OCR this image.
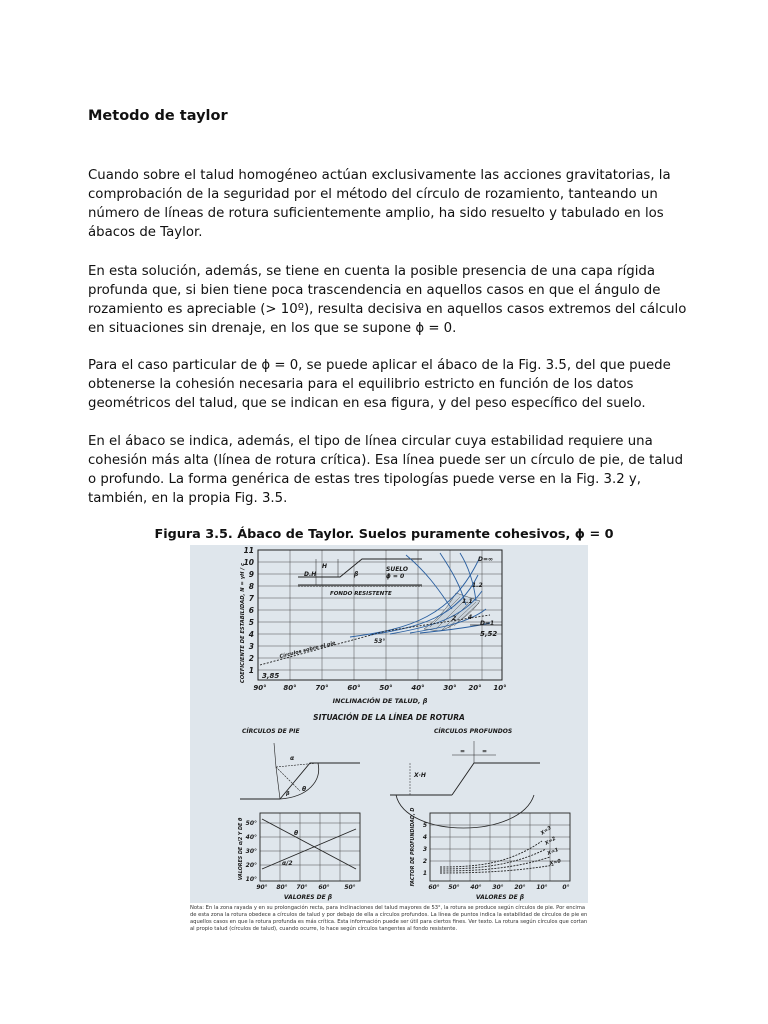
Metodo de taylor

Cuando sobre el talud homogéneo actúan exclusivamente las acciones gravitatorias, la comprobación de la seguridad por el método del círculo de rozamiento, tanteando un número de líneas de rotura suficientemente amplio, ha sido resuelto y tabulado en los ábacos de Taylor.

En esta solución, además, se tiene en cuenta la posible presencia de una capa rígida profunda que, si bien tiene poca trascendencia en aquellos casos en que el ángulo de rozamiento es apreciable (> 10º), resulta decisiva en aquellos casos extremos del cálculo en situaciones sin drenaje, en los que se supone ϕ = 0.

Para el caso particular de ϕ = 0, se puede aplicar el ábaco de la Fig. 3.5, del que puede obtenerse la cohesión necesaria para el equilibrio estricto en función de los datos geométricos del talud, que se indican en esa figura, y del peso específico del suelo.

En el ábaco se indica, además, el tipo de línea circular cuya estabilidad requiere una cohesión más alta (línea de rotura crítica). Esa línea puede ser un círculo de pie, de talud o profundo. La forma genérica de estas tres tipologías puede verse en la Fig. 3.2 y, también, en la propia Fig. 3.5.

Figura 3.5. Ábaco de Taylor. Suelos puramente cohesivos, ϕ = 0
11
10
9
8
7
6
5
4
3
2
1
90° 80°	70°	60°	50°	40°	30° 20° 10°
INCLINACIÓN DE TALUD, β
COEFICIENTE DE ESTABILIDAD, N = γH / c	D.H
H
β
SUELO
ϕ = 0
FONDO RESISTENTE
Círculos sobre el pie	53°
3,85
5,52
D=∞
1.2
1.1
2 4
D=1
SITUACIÓN DE LA LÍNEA DE ROTURA
CÍRCULOS DE PIE	CÍRCULOS PROFUNDOS
α
θ
β
X·H
=	=
10°
20°
30°
40°
50°
90° 80° 70° 60° 50°
VALORES DE β
VALORES DE α/2 Y DE θ	θ
α/2
1
2
3
4
5
60° 50° 40° 30° 20° 10° 0°
VALORES DE β
FACTOR DE PROFUNDIDAD, D	X=3
X=2
X=1
X=0
Nota: En la zona rayada y en su prolongación recta, para inclinaciones del talud mayores de 53°, la rotura se produce según círculos de pie. Por encima de esta zona la rotura obedece a círculos de talud y por debajo de ella a círculos profundos. La línea de puntos indica la estabilidad de círculos de pie en aquellos casos en que la rotura profunda es más crítica. Esta información puede ser útil para ciertos fines. Ver texto. La rotura según círculos que cortan al propio talud (círculos de talud), cuando ocurre, lo hace según círculos tangentes al fondo resistente.
